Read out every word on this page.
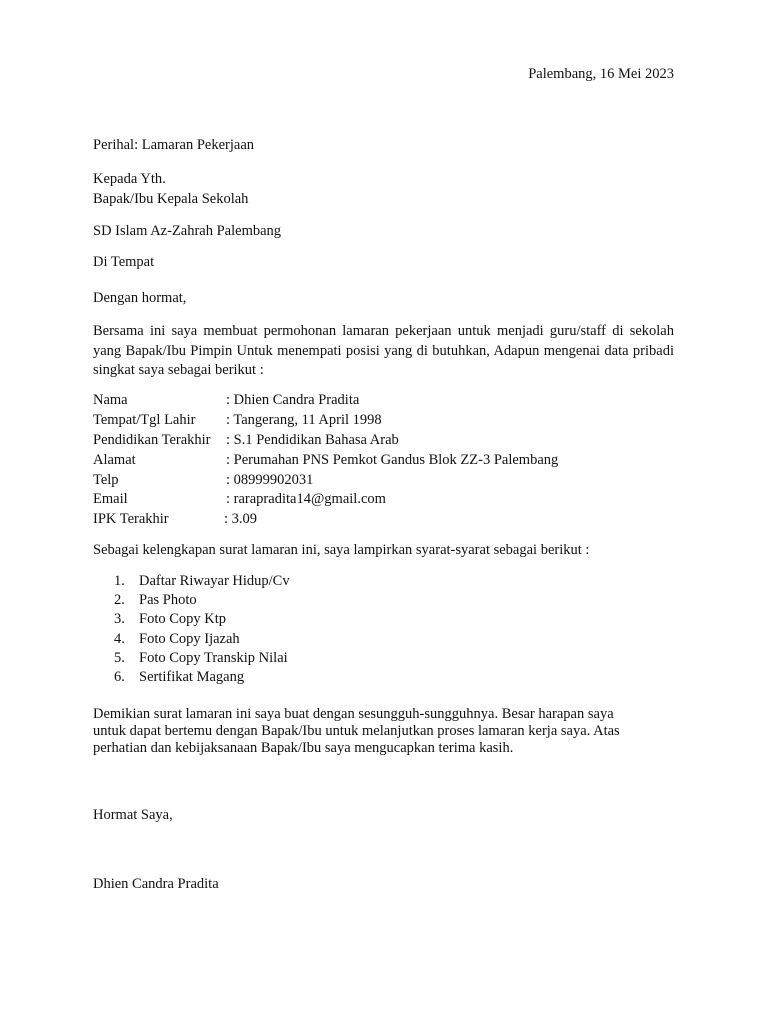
Palembang, 16 Mei 2023
Perihal: Lamaran Pekerjaan
Kepada Yth.
Bapak/Ibu Kepala Sekolah
SD Islam Az-Zahrah Palembang
Di Tempat
Dengan hormat,
Bersama ini saya membuat permohonan lamaran pekerjaan untuk menjadi guru/staff di sekolah yang Bapak/Ibu Pimpin Untuk menempati posisi yang di butuhkan, Adapun mengenai data pribadi singkat saya sebagai berikut :
Nama	: Dhien Candra Pradita
Tempat/Tgl Lahir : Tangerang, 11 April 1998
Pendidikan Terakhir : S.1 Pendidikan Bahasa Arab
Alamat	: Perumahan PNS Pemkot Gandus Blok ZZ-3 Palembang
Telp	: 08999902031
Email	: rarapradita14@gmail.com
IPK Terakhir	: 3.09
Sebagai kelengkapan surat lamaran ini, saya lampirkan syarat-syarat sebagai berikut :
1. Daftar Riwayar Hidup/Cv
2. Pas Photo
3. Foto Copy Ktp
4. Foto Copy Ijazah
5. Foto Copy Transkip Nilai
6. Sertifikat Magang
Demikian surat lamaran ini saya buat dengan sesungguh-sungguhnya. Besar harapan saya
untuk dapat bertemu dengan Bapak/Ibu untuk melanjutkan proses lamaran kerja saya. Atas
perhatian dan kebijaksanaan Bapak/Ibu saya mengucapkan terima kasih.
Hormat Saya,
Dhien Candra Pradita
